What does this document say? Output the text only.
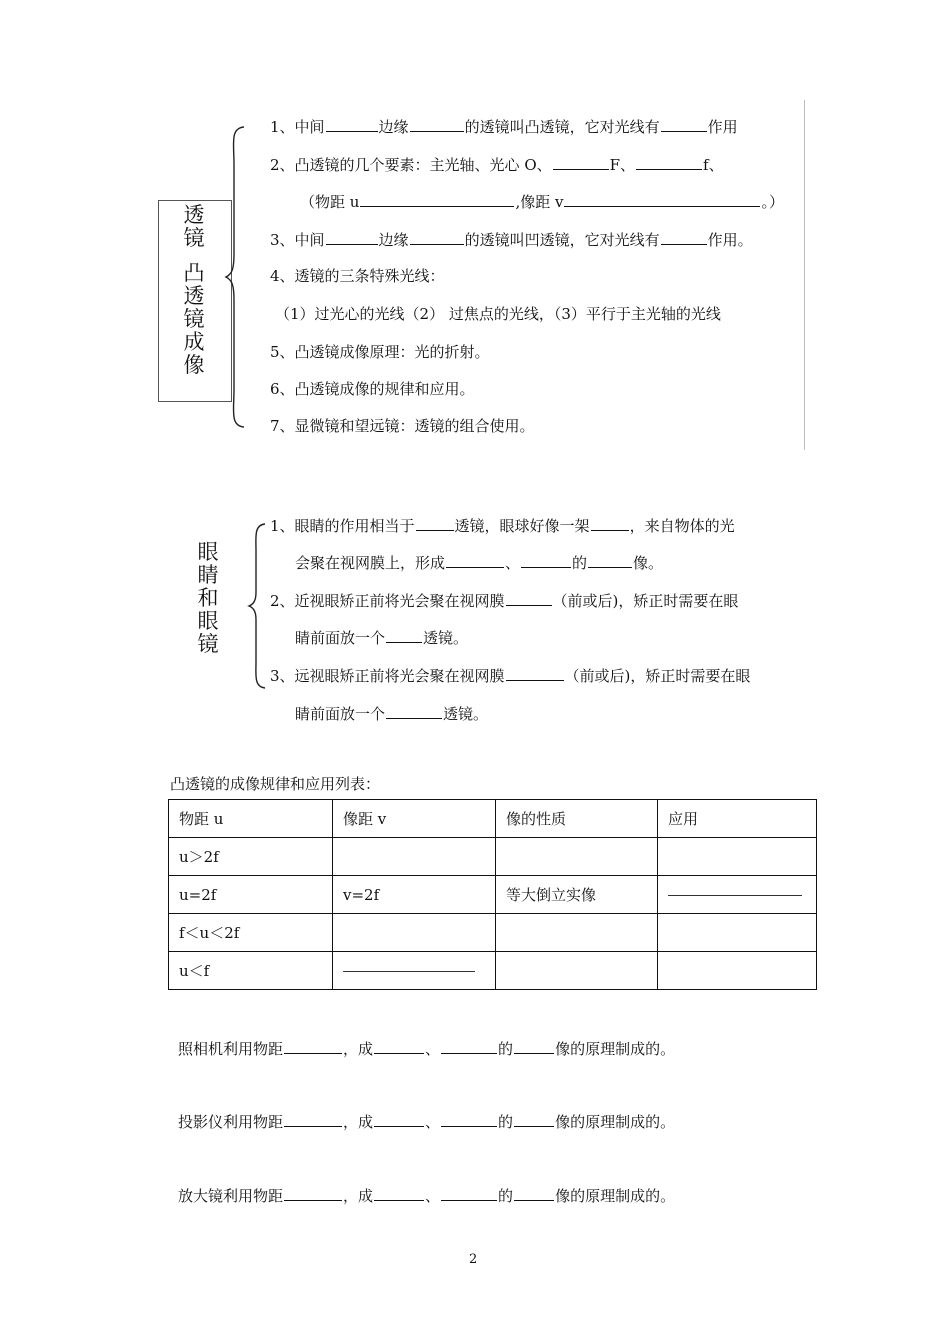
透
镜
凸
透
镜
成
像
1、中间	边缘	的透镜叫凸透镜，它对光线有	作用
2、凸透镜的几个要素：主光轴、光心 O、	F、	f、
（物距 u	,像距 v	。）
3、中间	边缘	的透镜叫凹透镜，它对光线有	作用。
4、透镜的三条特殊光线：
（1）过光心的光线（2） 过焦点的光线，（3）平行于主光轴的光线
5、凸透镜成像原理：光的折射。
6、凸透镜成像的规律和应用。
7、显微镜和望远镜：透镜的组合使用。
眼
睛
和
眼
镜
1、眼睛的作用相当于	透镜，眼球好像一架	，来自物体的光
会聚在视网膜上，形成	、	的	像。
2、近视眼矫正前将光会聚在视网膜	（前或后)，矫正时需要在眼
睛前面放一个	透镜。
3、远视眼矫正前将光会聚在视网膜	（前或后)，矫正时需要在眼
睛前面放一个	透镜。
凸透镜的成像规律和应用列表：
物距 u	像距 v	像的性质	应用
u＞2f			
u=2f	v=2f	等大倒立实像	
f＜u＜2f			
u＜f			
照相机利用物距	，成	、	的	像的原理制成的。
投影仪利用物距	，成	、	的	像的原理制成的。
放大镜利用物距	，成	、	的	像的原理制成的。
2
